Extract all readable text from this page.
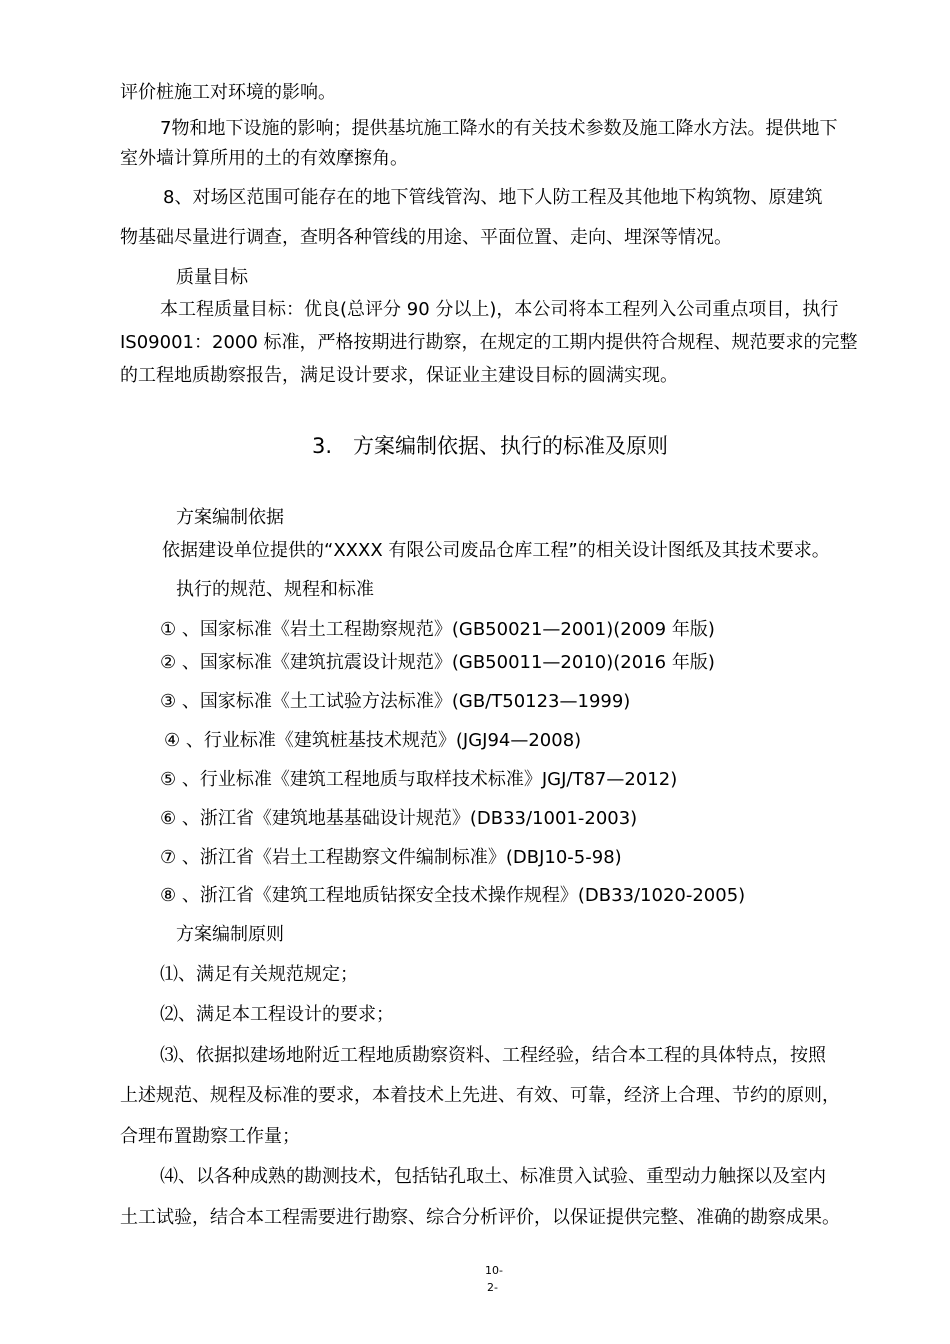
评价桩施工对环境的影响。
7物和地下设施的影响；提供基坑施工降水的有关技术参数及施工降水方法。提供地下
室外墙计算所用的土的有效摩擦角。
8、对场区范围可能存在的地下管线管沟、地下人防工程及其他地下构筑物、原建筑
物基础尽量进行调查，查明各种管线的用途、平面位置、走向、埋深等情况。
质量目标
本工程质量目标：优良(总评分 90 分以上)，本公司将本工程列入公司重点项目，执行
IS09001：2000 标准，严格按期进行勘察，在规定的工期内提供符合规程、规范要求的完整
的工程地质勘察报告，满足设计要求，保证业主建设目标的圆满实现。
3.　方案编制依据、执行的标准及原则
方案编制依据
依据建设单位提供的“XXXX 有限公司废品仓库工程”的相关设计图纸及其技术要求。
执行的规范、规程和标准
① 、国家标准《岩土工程勘察规范》(GB50021—2001)(2009 年版)
② 、国家标准《建筑抗震设计规范》(GB50011—2010)(2016 年版)
③ 、国家标准《土工试验方法标准》(GB/T50123—1999)
④ 、行业标准《建筑桩基技术规范》(JGJ94—2008)
⑤ 、行业标准《建筑工程地质与取样技术标准》JGJ/T87—2012)
⑥ 、浙江省《建筑地基基础设计规范》(DB33/1001-2003)
⑦ 、浙江省《岩土工程勘察文件编制标准》(DBJ10-5-98)
⑧ 、浙江省《建筑工程地质钻探安全技术操作规程》(DB33/1020-2005)
方案编制原则
⑴、满足有关规范规定；
⑵、满足本工程设计的要求；
⑶、依据拟建场地附近工程地质勘察资料、工程经验，结合本工程的具体特点，按照
上述规范、规程及标准的要求，本着技术上先进、有效、可靠，经济上合理、节约的原则，
合理布置勘察工作量；
⑷、以各种成熟的勘测技术，包括钻孔取土、标准贯入试验、重型动力触探以及室内
土工试验，结合本工程需要进行勘察、综合分析评价，以保证提供完整、准确的勘察成果。
10-
2-
